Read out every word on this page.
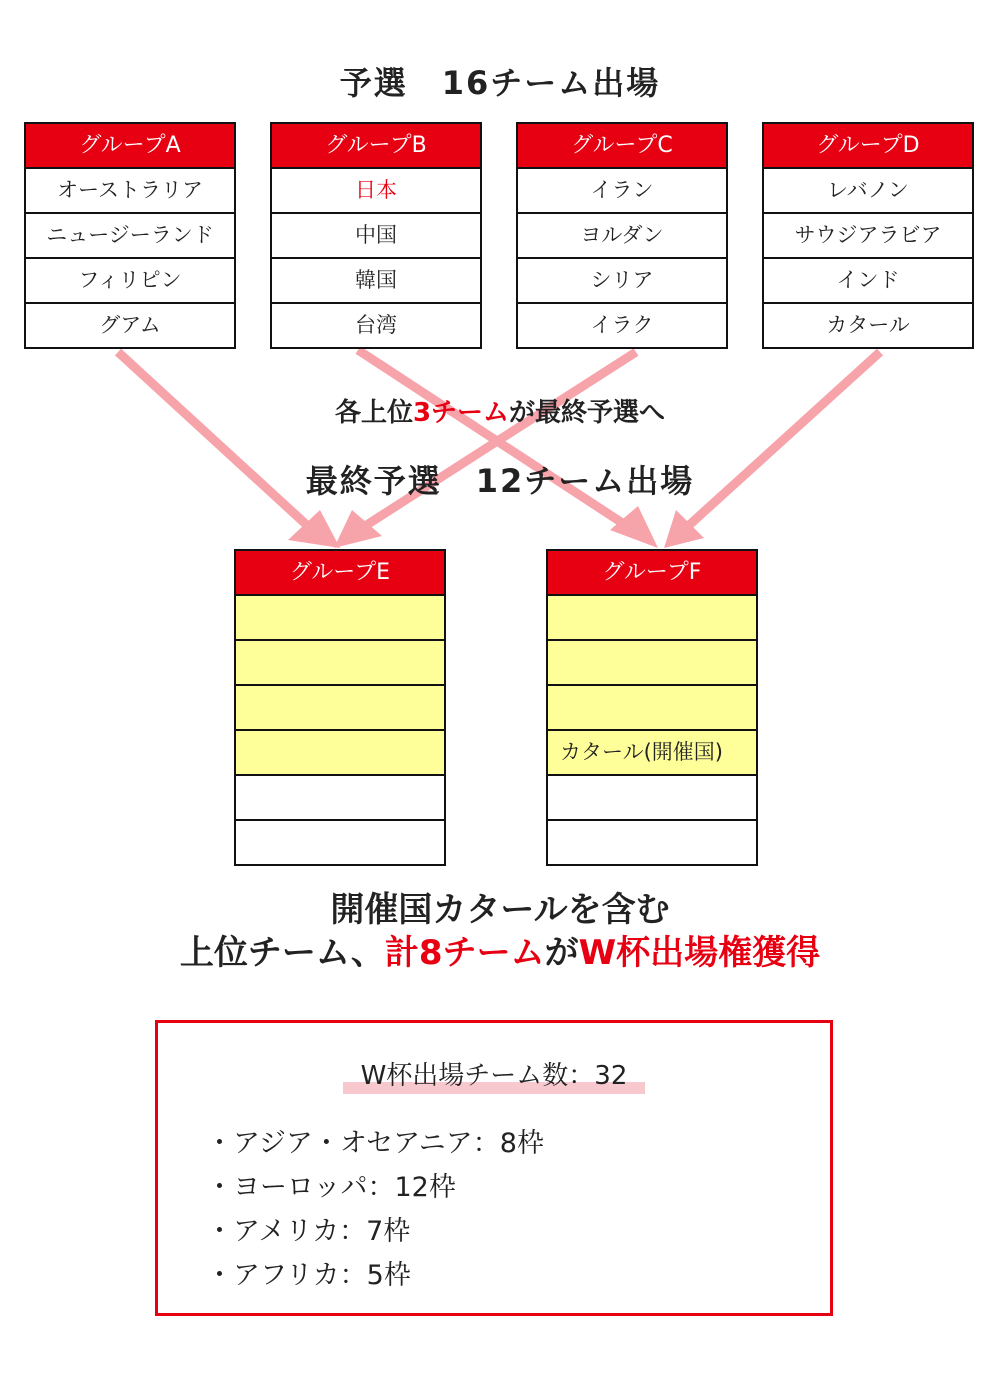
予選　16チーム出場
グループA
オーストラリア
ニュージーランド
フィリピン
グアム
グループB
日本
中国
韓国
台湾
グループC
イラン
ヨルダン
シリア
イラク
グループD
レバノン
サウジアラビア
インド
カタール
各上位3チームが最終予選へ
最終予選　12チーム出場
グループE	グループF
カタール(開催国)
開催国カタールを含む
上位チーム、計8チームがW杯出場権獲得
W杯出場チーム数：32
・アジア・オセアニア：8枠
・ヨーロッパ：12枠
・アメリカ：7枠
・アフリカ：5枠
